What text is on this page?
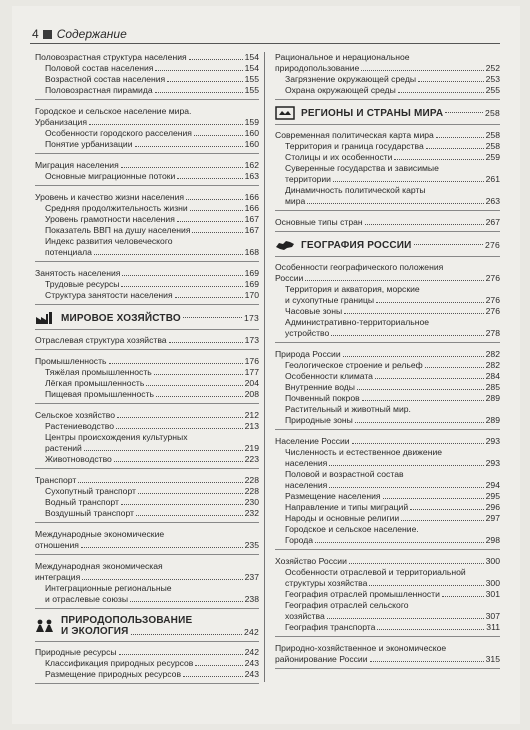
4 Содержание
Половозрастная структура населения	154
Половой состав населения	154
Возрастной состав населения	155
Половозрастная пирамида	155
Городское и сельское население мира.
Урбанизация	159
Особенности городского расселения	160
Понятие урбанизации	160
Миграция населения	162
Основные миграционные потоки	163
Уровень и качество жизни населения	166
Средняя продолжительность жизни	166
Уровень грамотности населения	167
Показатель ВВП на душу населения	167
Индекс развития человеческого
потенциала	168
Занятость населения	169
Трудовые ресурсы	169
Структура занятости населения	170
МИРОВОЕ ХОЗЯЙСТВО	173
Отраслевая структура хозяйства	173
Промышленность	176
Тяжёлая промышленность	177
Лёгкая промышленность	204
Пищевая промышленность	208
Сельское хозяйство	212
Растениеводство	213
Центры происхождения культурных
растений	219
Животноводство	223
Транспорт	228
Сухопутный транспорт	228
Водный транспорт	230
Воздушный транспорт	232
Международные экономические
отношения	235
Международная экономическая
интеграция	237
Интеграционные региональные
и отраслевые союзы	238
ПРИРОДОПОЛЬЗОВАНИЕ
И ЭКОЛОГИЯ	242
Природные ресурсы	242
Классификация природных ресурсов	243
Размещение природных ресурсов	243
Рациональное и нерациональное
природопользование	252
Загрязнение окружающей среды	253
Охрана окружающей среды	255
РЕГИОНЫ И СТРАНЫ МИРА	258
Современная политическая карта мира	258
Территория и граница государства	258
Столицы и их особенности	259
Суверенные государства и зависимые
территории	261
Динамичность политической карты
мира	263
Основные типы стран	267
ГЕОГРАФИЯ РОССИИ	276
Особенности географического положения
России	276
Территория и акватория, морские
и сухопутные границы	276
Часовые зоны	276
Административно-территориальное
устройство	278
Природа России	282
Геологическое строение и рельеф	282
Особенности климата	284
Внутренние воды	285
Почвенный покров	289
Растительный и животный мир.
Природные зоны	289
Население России	293
Численность и естественное движение
населения	293
Половой и возрастной состав
населения	294
Размещение населения	295
Направление и типы миграций	296
Народы и основные религии	297
Городское и сельское население.
Города	298
Хозяйство России	300
Особенности отраслевой и территориальной
структуры хозяйства	300
География отраслей промышленности	301
География отраслей сельского
хозяйства	307
География транспорта	311
Природно-хозяйственное и экономическое
районирование России	315
